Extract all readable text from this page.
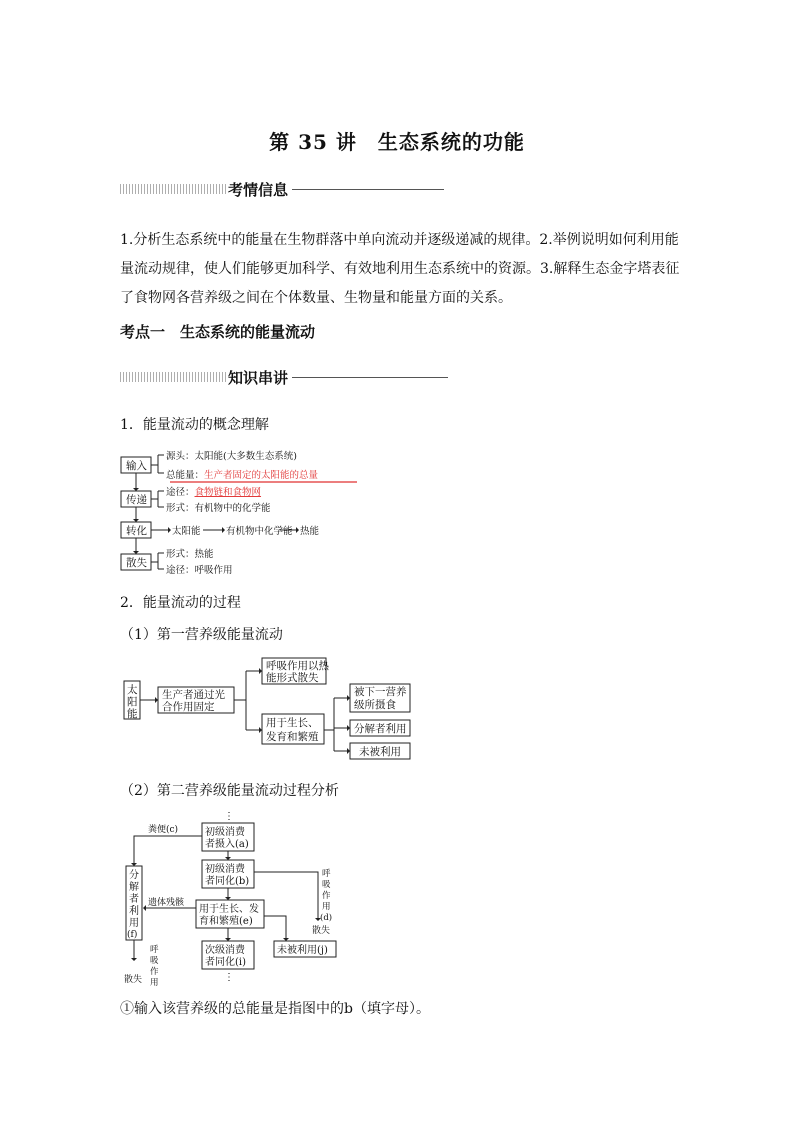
第 35 讲　生态系统的功能
考情信息
1.分析生态系统中的能量在生物群落中单向流动并逐级递减的规律。2.举例说明如何利用能量流动规律，使人们能够更加科学、有效地利用生态系统中的资源。3.解释生态金字塔表征了食物网各营养级之间在个体数量、生物量和能量方面的关系。
考点一　生态系统的能量流动
知识串讲
1．能量流动的概念理解
输入
传递
转化
散失
源头：太阳能(大多数生态系统)
总能量：生产者固定的太阳能的总量
途径：食物链和食物网
形式：有机物中的化学能
太阳能	有机物中化学能 热能
形式：热能
途径：呼吸作用
2．能量流动的过程
（1）第一营养级能量流动
太
阳
能
生产者通过光
合作用固定
呼吸作用以热
能形式散失
用于生长、
发育和繁殖
被下一营养
级所摄食
分解者利用
未被利用
（2）第二营养级能量流动过程分析
⋮
⋮
初级消费
者摄入(a)
初级消费
者同化(b)
用于生长、发
育和繁殖(e)
次级消费
者同化(i)
未被利用(j)
分
解
者
利
用
(f)
粪便(c)
遗体残骸
呼
吸
作
用
(d)
散失
呼
吸
作
用
散失
①输入该营养级的总能量是指图中的b（填字母）。
